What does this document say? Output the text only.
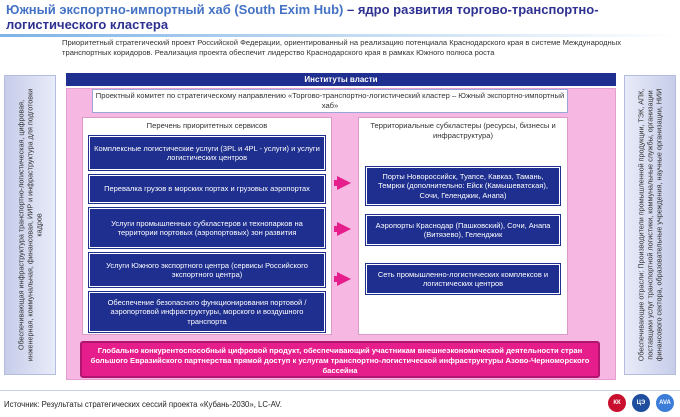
Южный экспортно-импортный хаб (South Exim Hub) – ядро развития торгово-транспортно-логистического кластера
Приоритетный стратегический проект Российской Федерации, ориентированный на реализацию потенциала Краснодарского края в системе Международных транспортных коридоров. Реализация проекта обеспечит лидерство Краснодарского края в рамках Южного полюса роста
Обеспечивающая инфраструктура транспортно-логистическая, цифровая, инженерная, коммунальная, финансовая, ИИР и инфраструктура для подготовки кадров	Обеспечивающие отрасли: Производители промышленной продукции, ТЭК, АПК, поставщики услуг транспортной логистики, коммунальные службы, организации финансового сектора, образовательные учреждения, научные организации, НИИ
Институты власти
Проектный комитет по стратегическому направлению «Торгово-транспортно-логистический кластер – Южный экспортно-импортный хаб»
Перечень приоритетных сервисов
Комплексные логистические услуги (3PL и 4PL - услуги) и услуги логистических центров
Перевалка грузов в морских портах и грузовых аэропортах
Услуги промышленных субкластеров и технопарков на территории портовых (аэропортовых) зон развития
Услуги Южного экспортного центра (сервисы Российского экспортного центра)
Обеспечение безопасного функционирования портовой / аэропортовой инфраструктуры, морского и воздушного транспорта
Территориальные субкластеры (ресурсы, бизнесы и инфраструктура)
Порты Новороссийск, Туапсе, Кавказ, Тамань, Темрюк (дополнительно: Ейск (Камышеватская), Сочи, Геленджик, Анапа)
Аэропорты Краснодар (Пашковский), Сочи, Анапа (Витязево), Геленджик
Сеть промышленно-логистических комплексов и логистических центров
Глобально конкурентоспособный цифровой продукт, обеспечивающий участникам внешнеэкономической деятельности стран большого Евразийского партнерства прямой доступ к услугам транспортно-логистической инфраструктуры Азово-Черноморского бассейна
Источник: Результаты стратегических сессий проекта «Кубань-2030», LC-AV.	КК	ЦЭ	AVA
